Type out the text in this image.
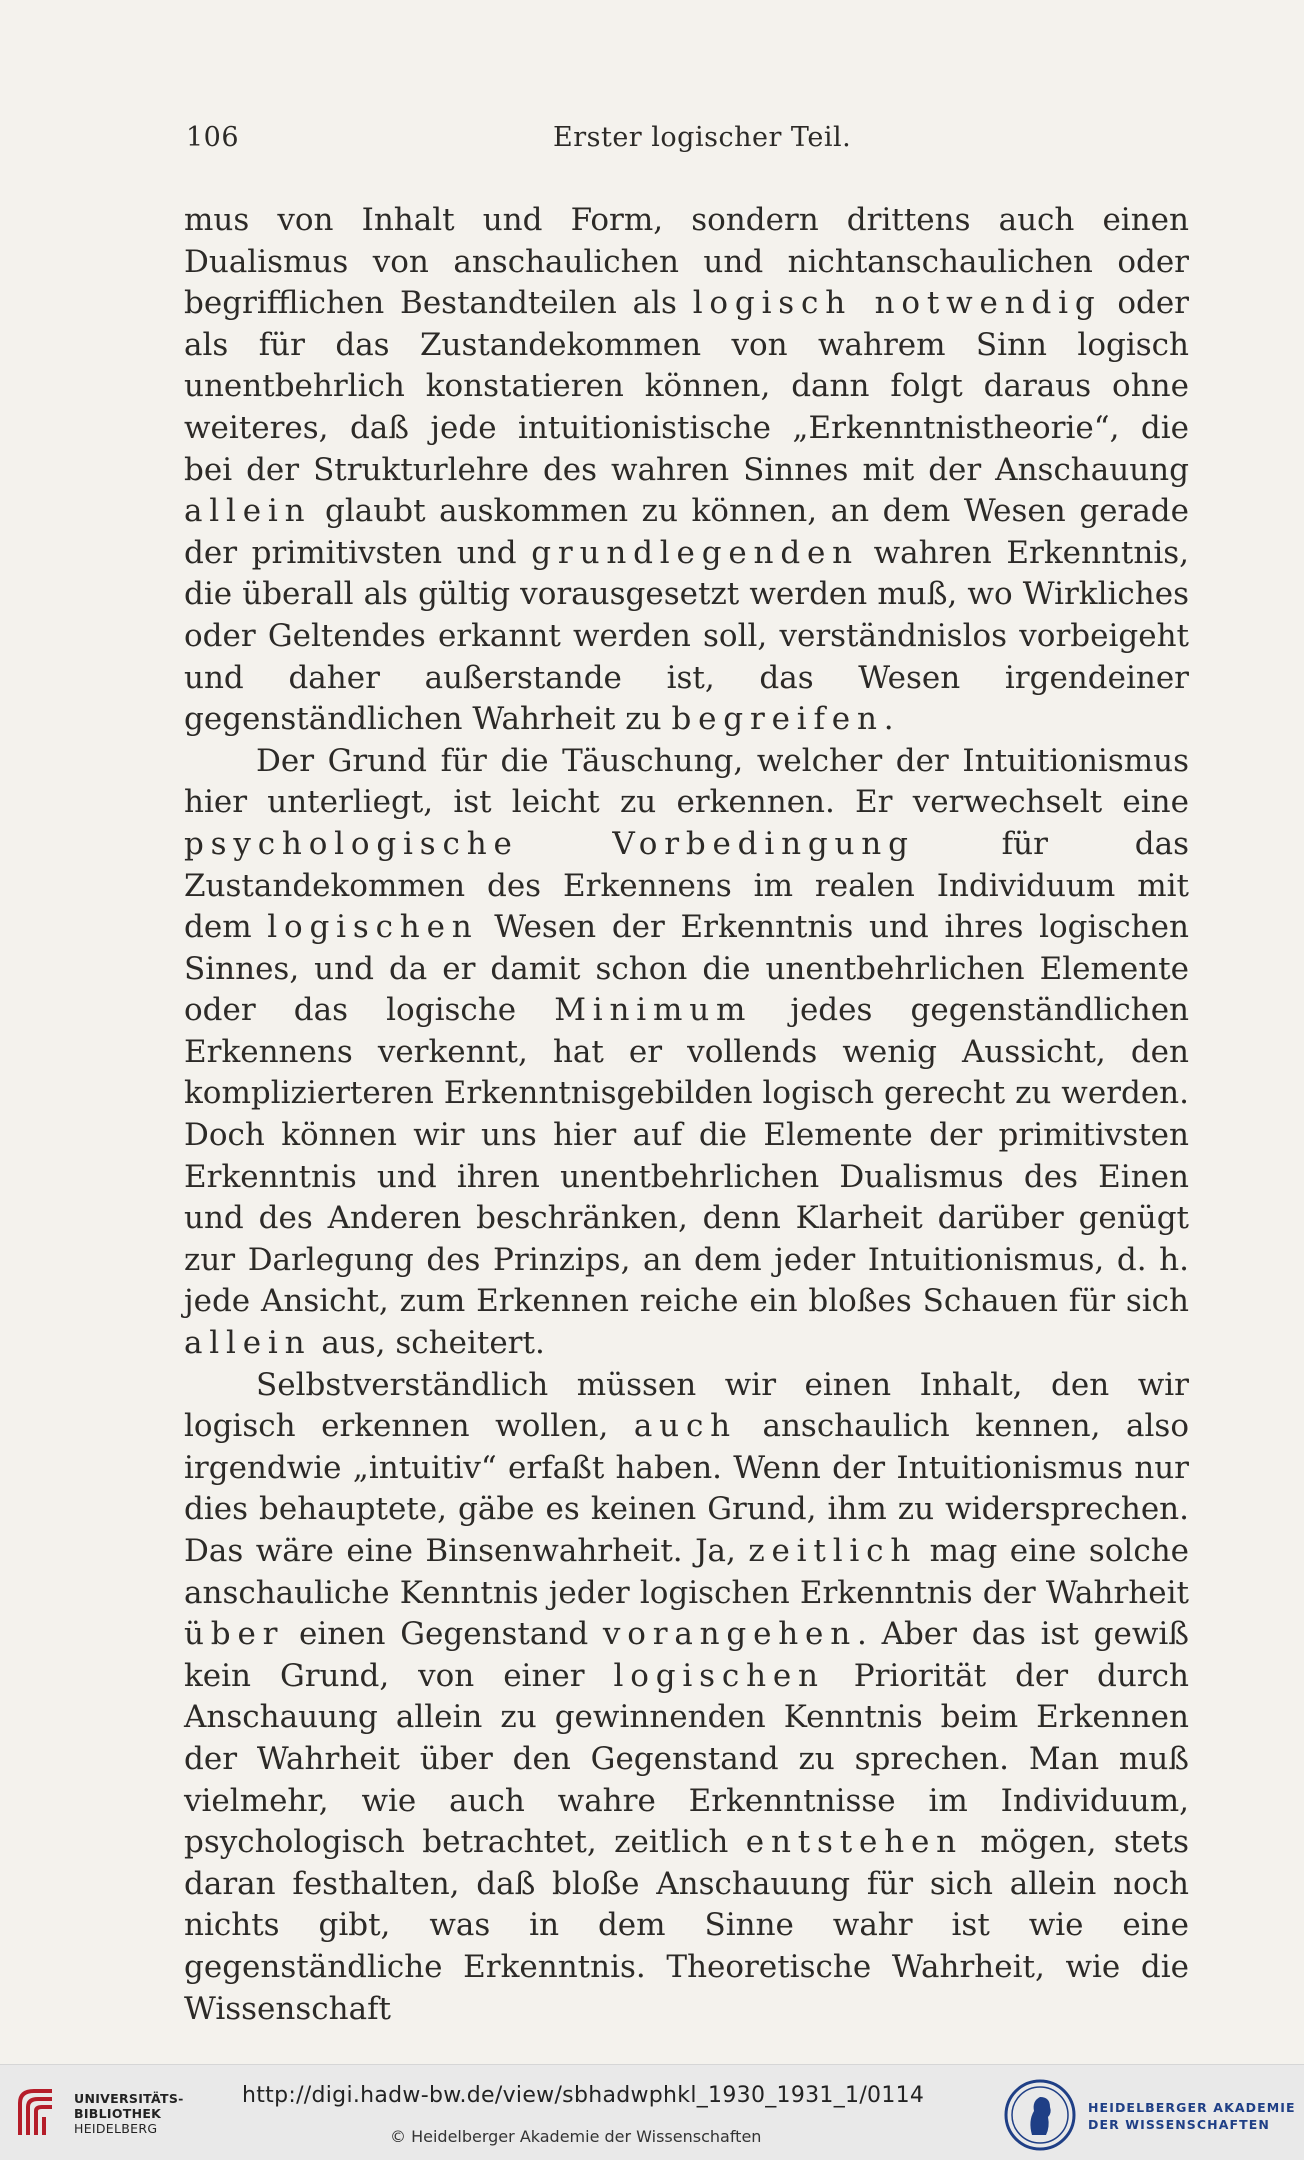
106	Erster logischer Teil.

mus von Inhalt und Form, sondern drittens auch einen Dualismus von anschaulichen und nichtanschaulichen oder begrifflichen Bestandteilen als logisch notwendig oder als für das Zustandekommen von wahrem Sinn logisch unentbehrlich konstatieren können, dann folgt daraus ohne weiteres, daß jede intuitionistische „Erkenntnistheorie“, die bei der Strukturlehre des wahren Sinnes mit der Anschauung allein glaubt auskommen zu können, an dem Wesen gerade der primitivsten und grundlegenden wahren Erkenntnis, die überall als gültig vorausgesetzt werden muß, wo Wirkliches oder Geltendes erkannt werden soll, verständnislos vorbeigeht und daher außerstande ist, das Wesen irgendeiner gegenständlichen Wahrheit zu begreifen.

Der Grund für die Täuschung, welcher der Intuitionismus hier unterliegt, ist leicht zu erkennen. Er verwechselt eine psychologische Vorbedingung für das Zustandekommen des Erkennens im realen Individuum mit dem logischen Wesen der Erkenntnis und ihres logischen Sinnes, und da er damit schon die unentbehrlichen Elemente oder das logische Minimum jedes gegenständlichen Erkennens verkennt, hat er vollends wenig Aussicht, den komplizierteren Erkenntnisgebilden logisch gerecht zu werden. Doch können wir uns hier auf die Elemente der primitivsten Erkenntnis und ihren unentbehrlichen Dualismus des Einen und des Anderen beschränken, denn Klarheit darüber genügt zur Darlegung des Prinzips, an dem jeder Intuitionismus, d. h. jede Ansicht, zum Erkennen reiche ein bloßes Schauen für sich allein aus, scheitert.

Selbstverständlich müssen wir einen Inhalt, den wir logisch erkennen wollen, auch anschaulich kennen, also irgendwie „intuitiv“ erfaßt haben. Wenn der Intuitionismus nur dies behauptete, gäbe es keinen Grund, ihm zu widersprechen. Das wäre eine Binsenwahrheit. Ja, zeitlich mag eine solche anschauliche Kenntnis jeder logischen Erkenntnis der Wahrheit über einen Gegenstand vorangehen. Aber das ist gewiß kein Grund, von einer logischen Priorität der durch Anschauung allein zu gewinnenden Kenntnis beim Erkennen der Wahrheit über den Gegenstand zu sprechen. Man muß vielmehr, wie auch wahre Erkenntnisse im Individuum, psychologisch betrachtet, zeitlich entstehen mögen, stets daran festhalten, daß bloße Anschauung für sich allein noch nichts gibt, was in dem Sinne wahr ist wie eine gegenständliche Erkenntnis. Theoretische Wahrheit, wie die Wissenschaft

UNIVERSITÄTS-
BIBLIOTHEK
HEIDELBERG
http://digi.hadw-bw.de/view/sbhadwphkl_1930_1931_1/0114
© Heidelberger Akademie der Wissenschaften
HEIDELBERGER AKADEMIE
DER WISSENSCHAFTEN
